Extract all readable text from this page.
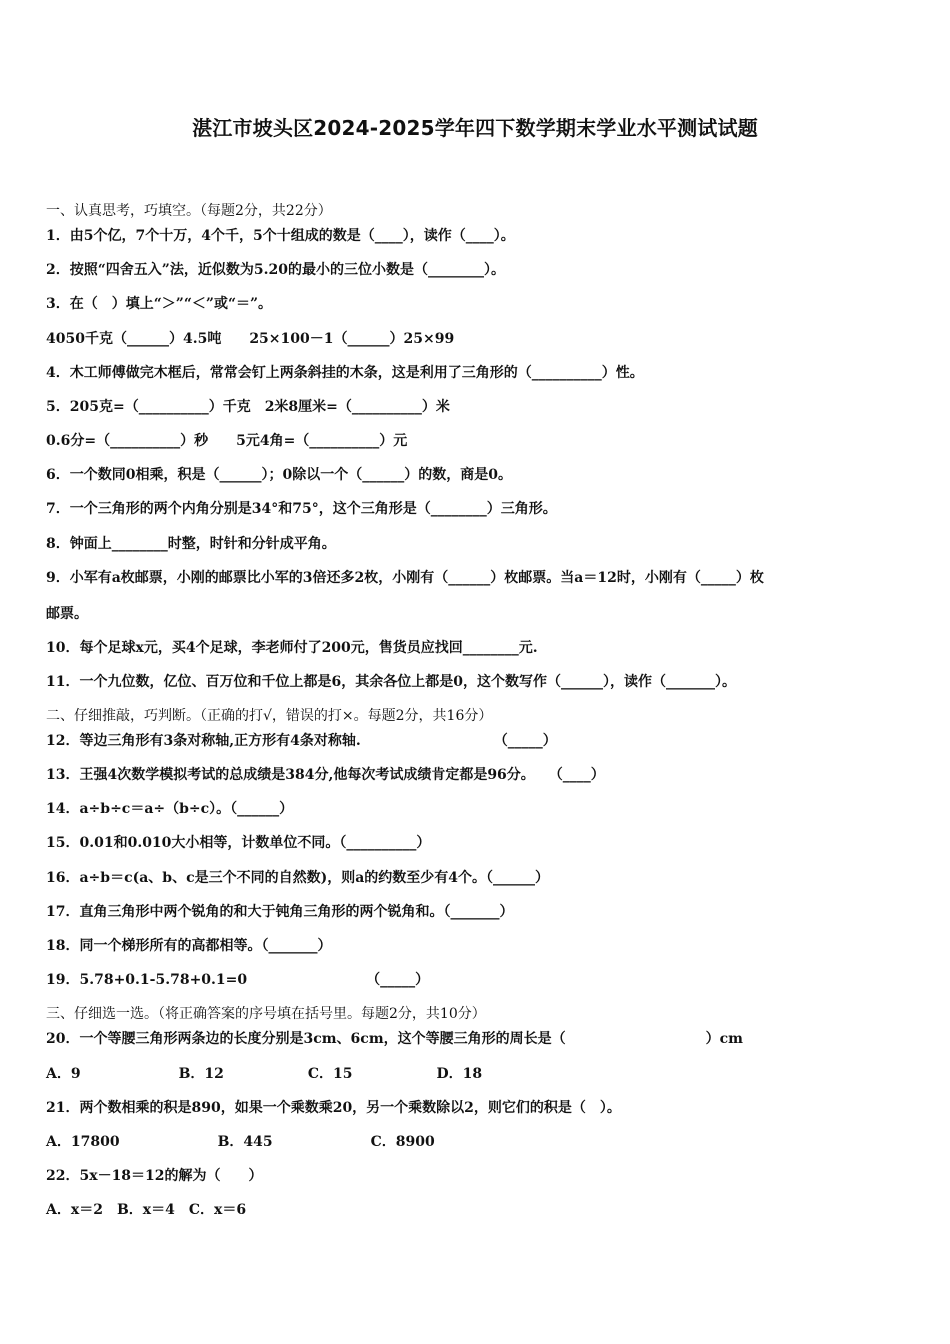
湛江市坡头区2024-2025学年四下数学期末学业水平测试试题
一、认真思考，巧填空。（每题2分，共22分）
1．由5个亿，7个十万，4个千，5个十组成的数是（____），读作（____）。
2．按照“四舍五入”法，近似数为5.20的最小的三位小数是（________）。
3．在（　）填上“＞”“＜”或“＝”。
4050千克（______）4.5吨　　25×100－1（______）25×99
4．木工师傅做完木框后，常常会钉上两条斜挂的木条，这是利用了三角形的（__________）性。
5．205克=（__________）千克　2米8厘米=（__________）米
0.6分=（__________）秒　　5元4角=（__________）元
6．一个数同0相乘，积是（______）；0除以一个（______）的数，商是0。
7．一个三角形的两个内角分别是34°和75°，这个三角形是（________）三角形。
8．钟面上________时整，时针和分针成平角。
9．小军有a枚邮票，小刚的邮票比小军的3倍还多2枚，小刚有（______）枚邮票。当a＝12时，小刚有（_____）枚
邮票。
10．每个足球x元，买4个足球，李老师付了200元，售货员应找回________元.
11．一个九位数，亿位、百万位和千位上都是6，其余各位上都是0，这个数写作（______），读作（_______）。
二、仔细推敲，巧判断。（正确的打√，错误的打×。每题2分，共16分）
12．等边三角形有3条对称轴,正方形有4条对称轴.　　　　　　　　　　（_____）
13．王强4次数学模拟考试的总成绩是384分,他每次考试成绩肯定都是96分。　　（____）
14．a÷b÷c＝a÷（b÷c）。（______）
15．0.01和0.010大小相等，计数单位不同。（__________）
16．a÷b＝c(a、b、c是三个不同的自然数)，则a的约数至少有4个。（______）
17．直角三角形中两个锐角的和大于钝角三角形的两个锐角和。（_______）
18．同一个梯形所有的高都相等。（_______）
19．5.78+0.1-5.78+0.1=0　　　　　　　　　（_____）
三、仔细选一选。（将正确答案的序号填在括号里。每题2分，共10分）
20．一个等腰三角形两条边的长度分别是3cm、6cm，这个等腰三角形的周长是（　　　　　　　　　　）cm
A．9　　　　　　　B．12　　　　　　C．15　　　　　　D．18
21．两个数相乘的积是890，如果一个乘数乘20，另一个乘数除以2，则它们的积是（　）。
A．17800　　　　　　　B．445　　　　　　　C．8900
22．5x－18＝12的解为（　　）
A．x＝2　B．x＝4　C．x＝6
